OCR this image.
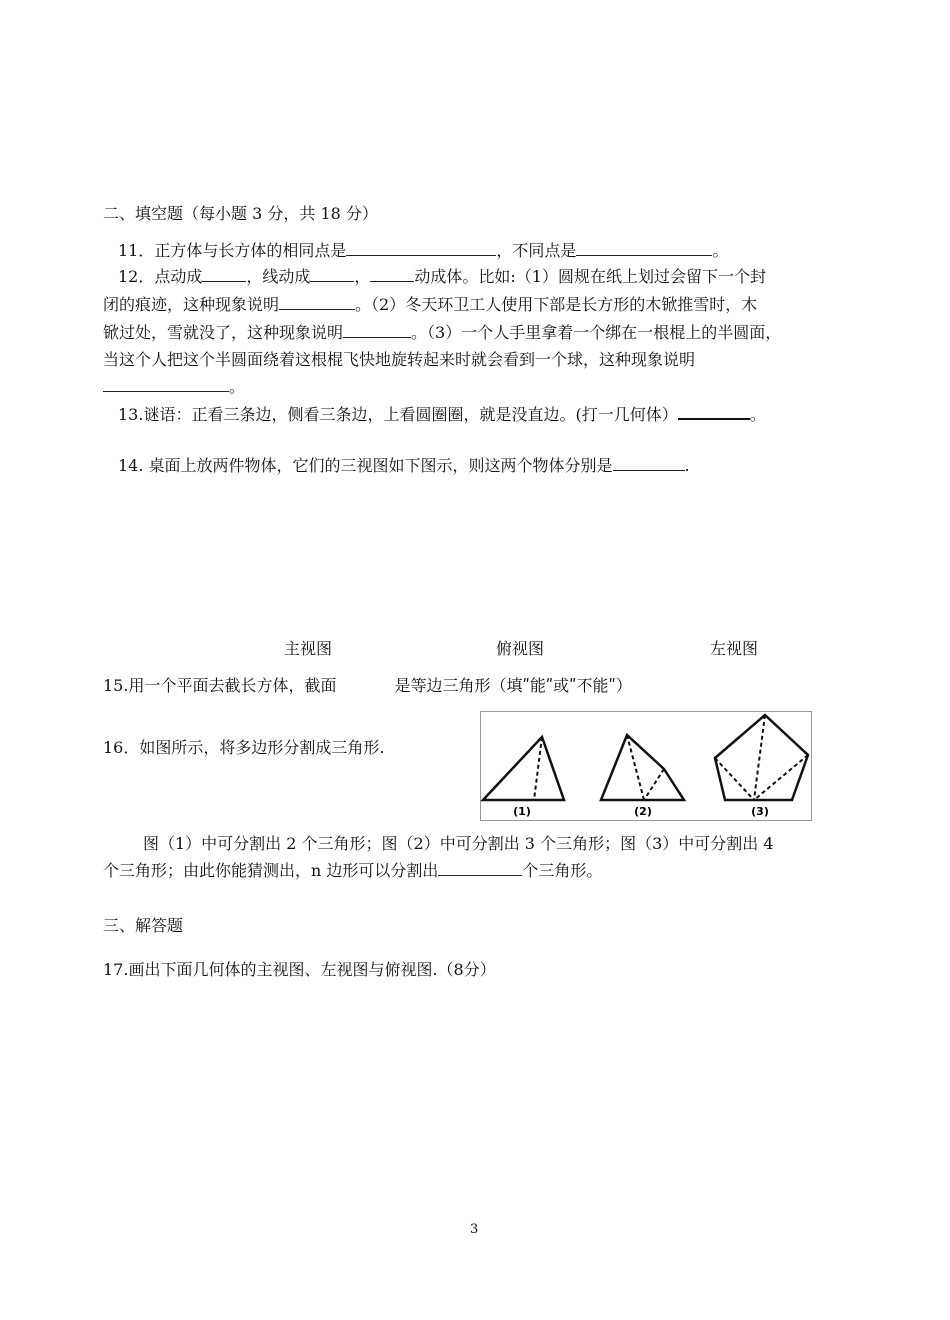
二、填空题（每小题 3 分，共 18 分）
11．正方体与长方体的相同点是	，不同点是	。
12．点动成	，线动成	，	动成体。比如:（1）圆规在纸上划过会留下一个封
闭的痕迹，这种现象说明	。（2）冬天环卫工人使用下部是长方形的木锨推雪时，木
锨过处，雪就没了，这种现象说明	。（3）一个人手里拿着一个绑在一根棍上的半圆面，
当这个人把这个半圆面绕着这根棍飞快地旋转起来时就会看到一个球，这种现象说明
。
13.谜语：正看三条边，侧看三条边，上看圆圈圈，就是没直边。(打一几何体）	。
14. 桌面上放两件物体，它们的三视图如下图示，则这两个物体分别是	.
主视图	俯视图	左视图
15.用一个平面去截长方体，截面	是等边三角形（填ʺ能ʺ或ʺ不能ʺ）
16．如图所示，将多边形分割成三角形.
(1)	(2)	(3)
图（1）中可分割出 2 个三角形；图（2）中可分割出 3 个三角形；图（3）中可分割出 4
个三角形；由此你能猜测出，n 边形可以分割出	个三角形。
三、解答题
17.画出下面几何体的主视图、左视图与俯视图.（8分）
3
